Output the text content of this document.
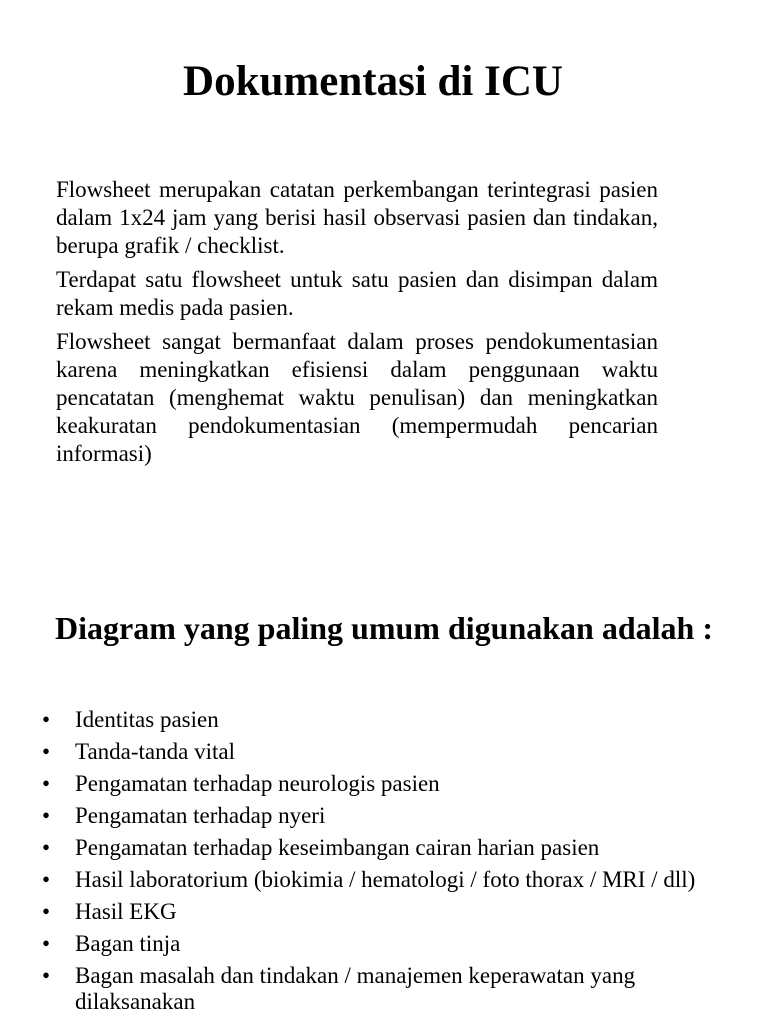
Dokumentasi di ICU

Flowsheet merupakan catatan perkembangan terintegrasi pasien dalam 1x24 jam yang berisi hasil observasi pasien dan tindakan, berupa grafik / checklist.

Terdapat satu flowsheet untuk satu pasien dan disimpan dalam rekam medis pada pasien.

Flowsheet sangat bermanfaat dalam proses pendokumentasian karena meningkatkan efisiensi dalam penggunaan waktu pencatatan (menghemat waktu penulisan) dan meningkatkan keakuratan pendokumentasian (mempermudah pencarian informasi)

Diagram yang paling umum digunakan adalah :
• Identitas pasien
• Tanda-tanda vital
• Pengamatan terhadap neurologis pasien
• Pengamatan terhadap nyeri
• Pengamatan terhadap keseimbangan cairan harian pasien
• Hasil laboratorium (biokimia / hematologi / foto thorax / MRI / dll)
• Hasil EKG
• Bagan tinja
• Bagan masalah dan tindakan / manajemen keperawatan yang dilaksanakan
